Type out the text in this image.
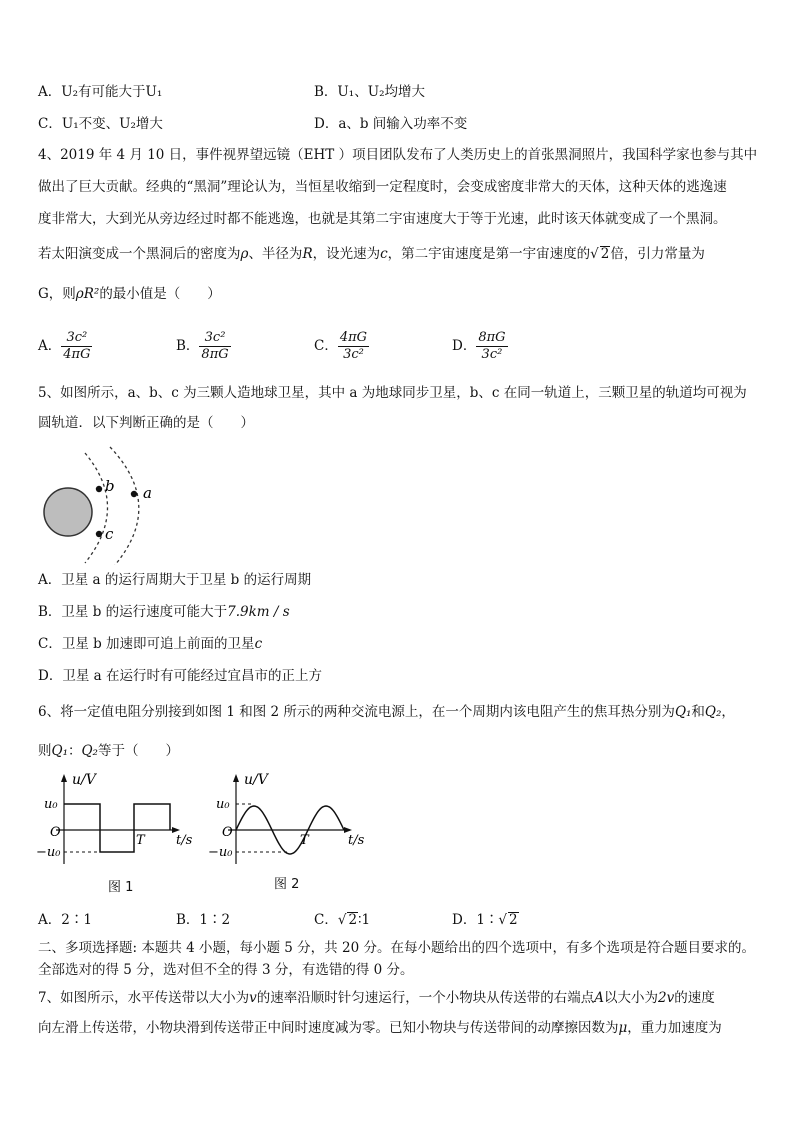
A．U₂有可能大于U₁	B．U₁、U₂均增大
C．U₁不变、U₂增大	D．a、b 间输入功率不变
4、2019 年 4 月 10 日，事件视界望远镜（EHT ）项目团队发布了人类历史上的首张黑洞照片，我国科学家也参与其中
做出了巨大贡献。经典的“黑洞”理论认为，当恒星收缩到一定程度时，会变成密度非常大的天体，这种天体的逃逸速
度非常大，大到光从旁边经过时都不能逃逸，也就是其第二宇宙速度大于等于光速，此时该天体就变成了一个黑洞。
若太阳演变成一个黑洞后的密度为ρ、半径为R，设光速为c，第二宇宙速度是第一宇宙速度的√ 2倍，引力常量为
G，则ρR²的最小值是（　　）
A． $\frac{\text{3c²}}{4\pi G}$	B． $\frac{\text{3c²}}{8\pi G}$	C． $\frac{4\pi G}{\text{3c²}}$	D． $\frac{8\pi G}{\text{3c²}}$
5、如图所示，a、b、c 为三颗人造地球卫星，其中 a 为地球同步卫星，b、c 在同一轨道上，三颗卫星的轨道均可视为
圆轨道．以下判断正确的是（　　）
b
c
a
A．卫星 a 的运行周期大于卫星 b 的运行周期
B．卫星 b 的运行速度可能大于7.9km / s
C．卫星 b 加速即可追上前面的卫星c
D．卫星 a 在运行时有可能经过宜昌市的正上方
6、将一定值电阻分别接到如图 1 和图 2 所示的两种交流电源上，在一个周期内该电阻产生的焦耳热分别为Q₁和Q₂，
则Q₁：Q₂等于（　　）
u/V
u₀
−u₀
O
T t/s
图 1
u/V
u₀
−u₀
O
T	t/s
图 2
A．2∶1	B．1∶2	C．√ 2∶1	D．1∶√ 2
二、多项选择题: 本题共 4 小题，每小题 5 分，共 20 分。在每小题给出的四个选项中，有多个选项是符合题目要求的。
全部选对的得 5 分，选对但不全的得 3 分，有选错的得 0 分。
7、如图所示，水平传送带以大小为v的速率沿顺时针匀速运行，一个小物块从传送带的右端点A以大小为2v的速度
向左滑上传送带，小物块滑到传送带正中间时速度减为零。已知小物块与传送带间的动摩擦因数为μ，重力加速度为
